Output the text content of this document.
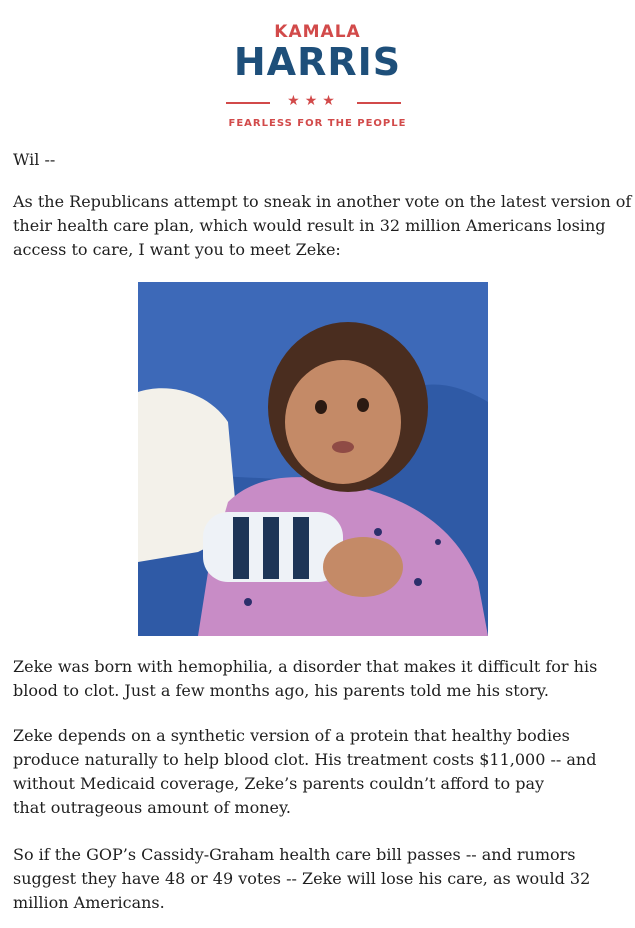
KAMALA
HARRIS
★★★
FEARLESS FOR THE PEOPLE

Wil --

As the Republicans attempt to sneak in another vote on the latest version of
their health care plan, which would result in 32 million Americans losing
access to care, I want you to meet Zeke:

Zeke was born with hemophilia, a disorder that makes it difficult for his
blood to clot. Just a few months ago, his parents told me his story.

Zeke depends on a synthetic version of a protein that healthy bodies
produce naturally to help blood clot. His treatment costs $11,000 -- and
without Medicaid coverage, Zeke’s parents couldn’t afford to pay
that outrageous amount of money.

So if the GOP’s Cassidy-Graham health care bill passes -- and rumors
suggest they have 48 or 49 votes -- Zeke will lose his care, as would 32
million Americans.
